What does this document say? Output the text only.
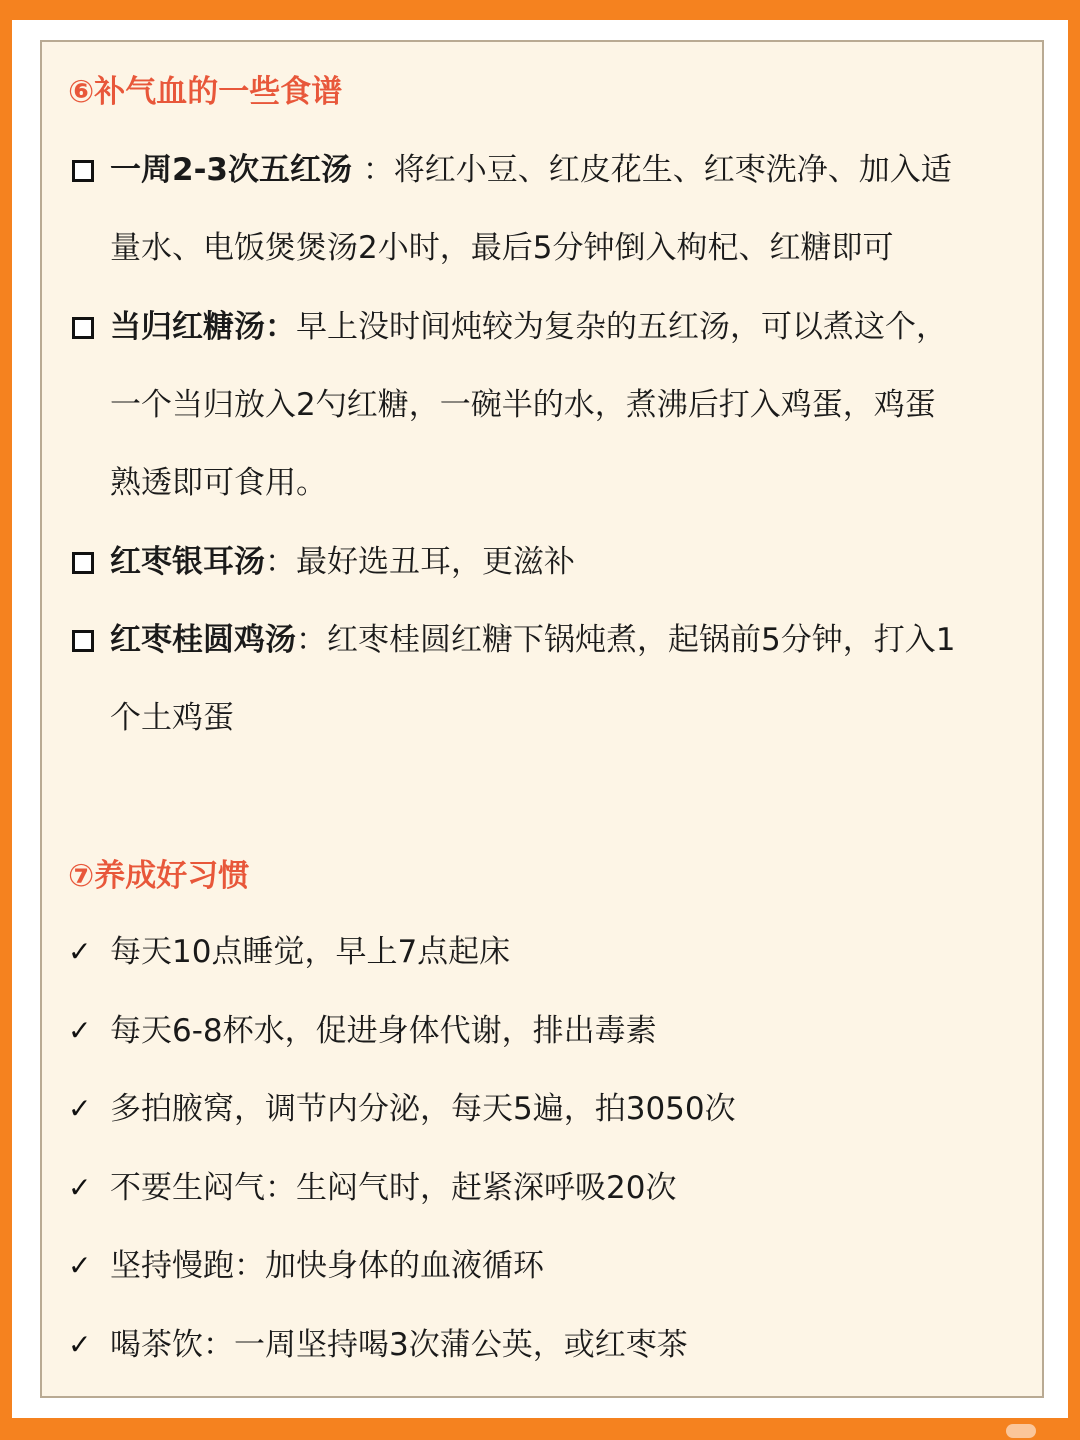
⑥补气血的一些食谱
一周2-3次五红汤 ：将红小豆、红皮花生、红枣洗净、加入适
量水、电饭煲煲汤2小时，最后5分钟倒入枸杞、红糖即可
当归红糖汤：早上没时间炖较为复杂的五红汤，可以煮这个，
一个当归放入2勺红糖，一碗半的水，煮沸后打入鸡蛋，鸡蛋
熟透即可食用。
红枣银耳汤：最好选丑耳，更滋补
红枣桂圆鸡汤：红枣桂圆红糖下锅炖煮，起锅前5分钟，打入1
个土鸡蛋
⑦养成好习惯
✓ 每天10点睡觉，早上7点起床
✓ 每天6-8杯水，促进身体代谢，排出毒素
✓ 多拍腋窝，调节内分泌，每天5遍，拍3050次
✓ 不要生闷气：生闷气时，赶紧深呼吸20次
✓ 坚持慢跑：加快身体的血液循环
✓ 喝茶饮：一周坚持喝3次蒲公英，或红枣茶
